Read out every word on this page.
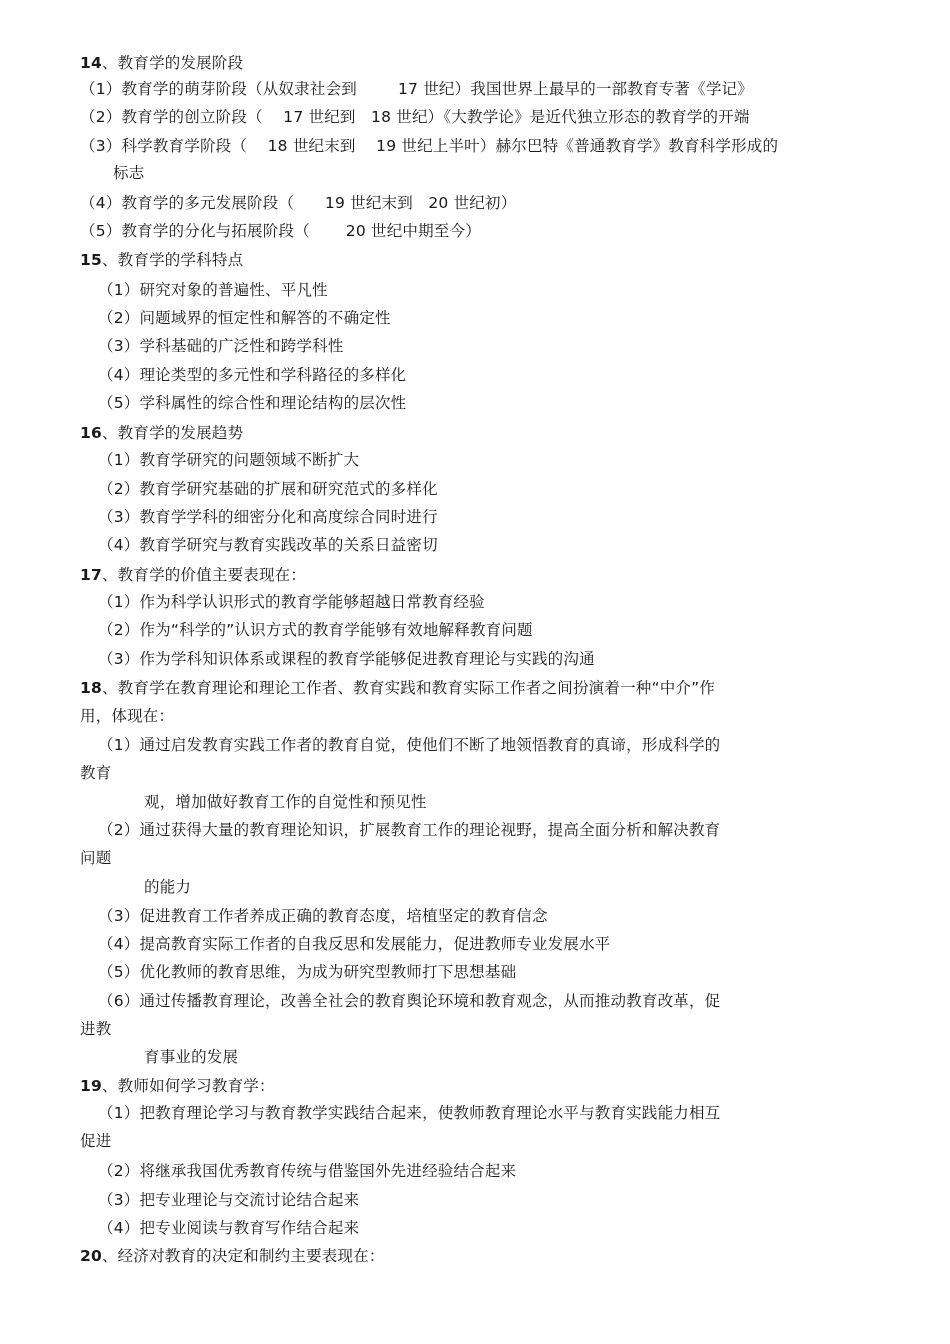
14、教育学的发展阶段
（1）教育学的萌芽阶段（从奴隶社会到        17 世纪）我国世界上最早的一部教育专著《学记》
（2）教育学的创立阶段（    17 世纪到   18 世纪）《大教学论》是近代独立形态的教育学的开端
（3）科学教育学阶段（    18 世纪末到    19 世纪上半叶）赫尔巴特《普通教育学》教育科学形成的
标志
（4）教育学的多元发展阶段（      19 世纪末到   20 世纪初）
（5）教育学的分化与拓展阶段（       20 世纪中期至今）
15、教育学的学科特点
（1）研究对象的普遍性、平凡性
（2）问题域界的恒定性和解答的不确定性
（3）学科基础的广泛性和跨学科性
（4）理论类型的多元性和学科路径的多样化
（5）学科属性的综合性和理论结构的层次性
16、教育学的发展趋势
（1）教育学研究的问题领域不断扩大
（2）教育学研究基础的扩展和研究范式的多样化
（3）教育学学科的细密分化和高度综合同时进行
（4）教育学研究与教育实践改革的关系日益密切
17、教育学的价值主要表现在：
（1）作为科学认识形式的教育学能够超越日常教育经验
（2）作为“科学的”认识方式的教育学能够有效地解释教育问题
（3）作为学科知识体系或课程的教育学能够促进教育理论与实践的沟通
18、教育学在教育理论和理论工作者、教育实践和教育实际工作者之间扮演着一种“中介”作
用，体现在：
（1）通过启发教育实践工作者的教育自觉，使他们不断了地领悟教育的真谛，形成科学的
教育
观，增加做好教育工作的自觉性和预见性
（2）通过获得大量的教育理论知识，扩展教育工作的理论视野，提高全面分析和解决教育
问题
的能力
（3）促进教育工作者养成正确的教育态度，培植坚定的教育信念
（4）提高教育实际工作者的自我反思和发展能力，促进教师专业发展水平
（5）优化教师的教育思维，为成为研究型教师打下思想基础
（6）通过传播教育理论，改善全社会的教育舆论环境和教育观念，从而推动教育改革，促
进教
育事业的发展
19、教师如何学习教育学：
（1）把教育理论学习与教育教学实践结合起来，使教师教育理论水平与教育实践能力相互
促进
（2）将继承我国优秀教育传统与借鉴国外先进经验结合起来
（3）把专业理论与交流讨论结合起来
（4）把专业阅读与教育写作结合起来
20、经济对教育的决定和制约主要表现在：
